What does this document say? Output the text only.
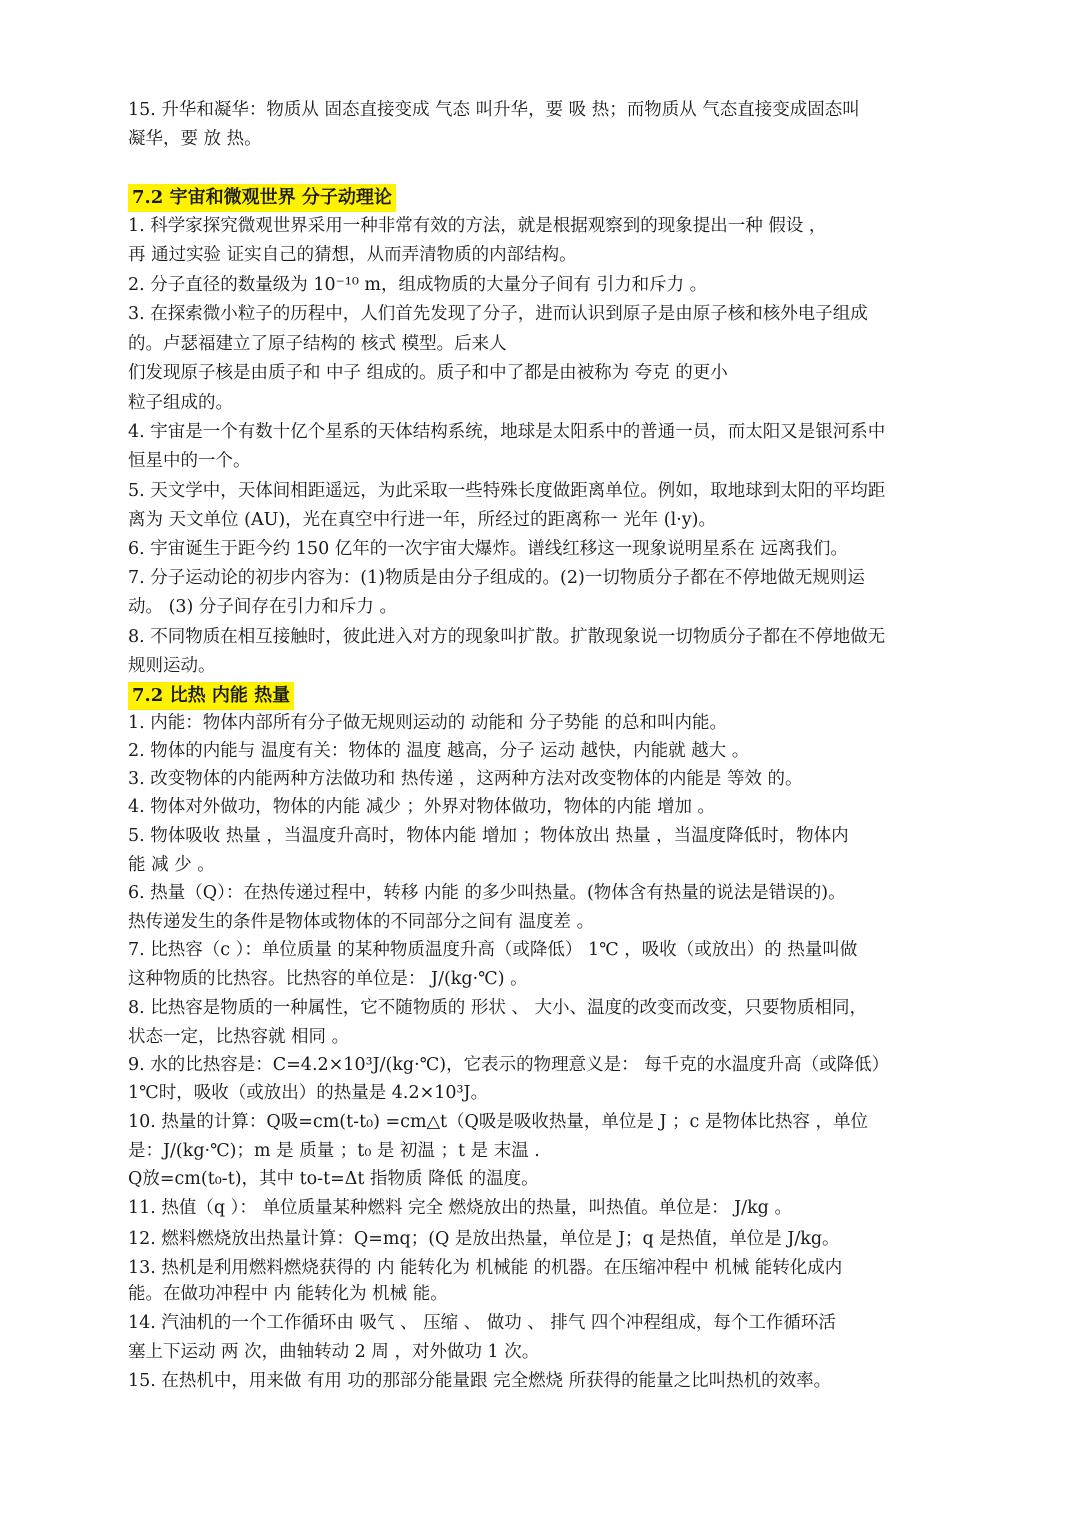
15. 升华和凝华：物质从 固态直接变成 气态 叫升华，要 吸 热；而物质从 气态直接变成固态叫
凝华，要 放 热。
7.2 宇宙和微观世界 分子动理论
1. 科学家探究微观世界采用一种非常有效的方法，就是根据观察到的现象提出一种 假设 ，
再 通过实验 证实自己的猜想，从而弄清物质的内部结构。
2. 分子直径的数量级为 10⁻¹⁰ m，组成物质的大量分子间有 引力和斥力 。
3. 在探索微小粒子的历程中，人们首先发现了分子，进而认识到原子是由原子核和核外电子组成
的。卢瑟福建立了原子结构的 核式 模型。后来人
们发现原子核是由质子和 中子 组成的。质子和中了都是由被称为 夸克 的更小
粒子组成的。
4. 宇宙是一个有数十亿个星系的天体结构系统，地球是太阳系中的普通一员，而太阳又是银河系中
恒星中的一个。
5. 天文学中，天体间相距遥远，为此采取一些特殊长度做距离单位。例如，取地球到太阳的平均距
离为 天文单位 (AU)，光在真空中行进一年，所经过的距离称一 光年 (l·y)。
6. 宇宙诞生于距今约 150 亿年的一次宇宙大爆炸。谱线红移这一现象说明星系在 远离我们。
7. 分子运动论的初步内容为：(1)物质是由分子组成的。(2)一切物质分子都在不停地做无规则运
动。 (3) 分子间存在引力和斥力 。
8. 不同物质在相互接触时，彼此进入对方的现象叫扩散。扩散现象说一切物质分子都在不停地做无
规则运动。
7.2 比热 内能 热量
1. 内能：物体内部所有分子做无规则运动的 动能和 分子势能 的总和叫内能。
2. 物体的内能与 温度有关：物体的 温度 越高，分子 运动 越快，内能就 越大 。
3. 改变物体的内能两种方法做功和 热传递 ，这两种方法对改变物体的内能是 等效 的。
4. 物体对外做功，物体的内能 减少 ；外界对物体做功，物体的内能 增加 。
5. 物体吸收 热量 ，当温度升高时，物体内能 增加 ；物体放出 热量 ，当温度降低时，物体内
能 减 少 。
6. 热量（Q）：在热传递过程中，转移 内能 的多少叫热量。(物体含有热量的说法是错误的)。
热传递发生的条件是物体或物体的不同部分之间有 温度差 。
7. 比热容（c ）：单位质量 的某种物质温度升高（或降低） 1℃ ，吸收（或放出）的 热量叫做
这种物质的比热容。比热容的单位是： J/(kg·℃) 。
8. 比热容是物质的一种属性，它不随物质的 形状 、 大小、温度的改变而改变，只要物质相同，
状态一定，比热容就 相同 。
9. 水的比热容是：C=4.2×10³J/(kg·℃)，它表示的物理意义是： 每千克的水温度升高（或降低）
1℃时，吸收（或放出）的热量是 4.2×10³J。
10. 热量的计算：Q吸=cm(t-t₀) =cm△t（Q吸是吸收热量，单位是 J ；c 是物体比热容 ，单位
是：J/(kg·℃)；m 是 质量 ；t₀ 是 初温 ；t 是 末温 .
Q放=cm(t₀-t)，其中 to-t=Δt 指物质 降低 的温度。
11. 热值（q ）： 单位质量某种燃料 完全 燃烧放出的热量，叫热值。单位是： J/kg 。
12. 燃料燃烧放出热量计算：Q=mq；(Q 是放出热量，单位是 J；q 是热值，单位是 J/kg。
13. 热机是利用燃料燃烧获得的 内 能转化为 机械能 的机器。在压缩冲程中 机械 能转化成内
能。在做功冲程中 内 能转化为 机械 能。
14. 汽油机的一个工作循环由 吸气 、 压缩 、 做功 、 排气 四个冲程组成，每个工作循环活
塞上下运动 两 次，曲轴转动 2 周 ，对外做功 1 次。
15. 在热机中，用来做 有用 功的那部分能量跟 完全燃烧 所获得的能量之比叫热机的效率。
